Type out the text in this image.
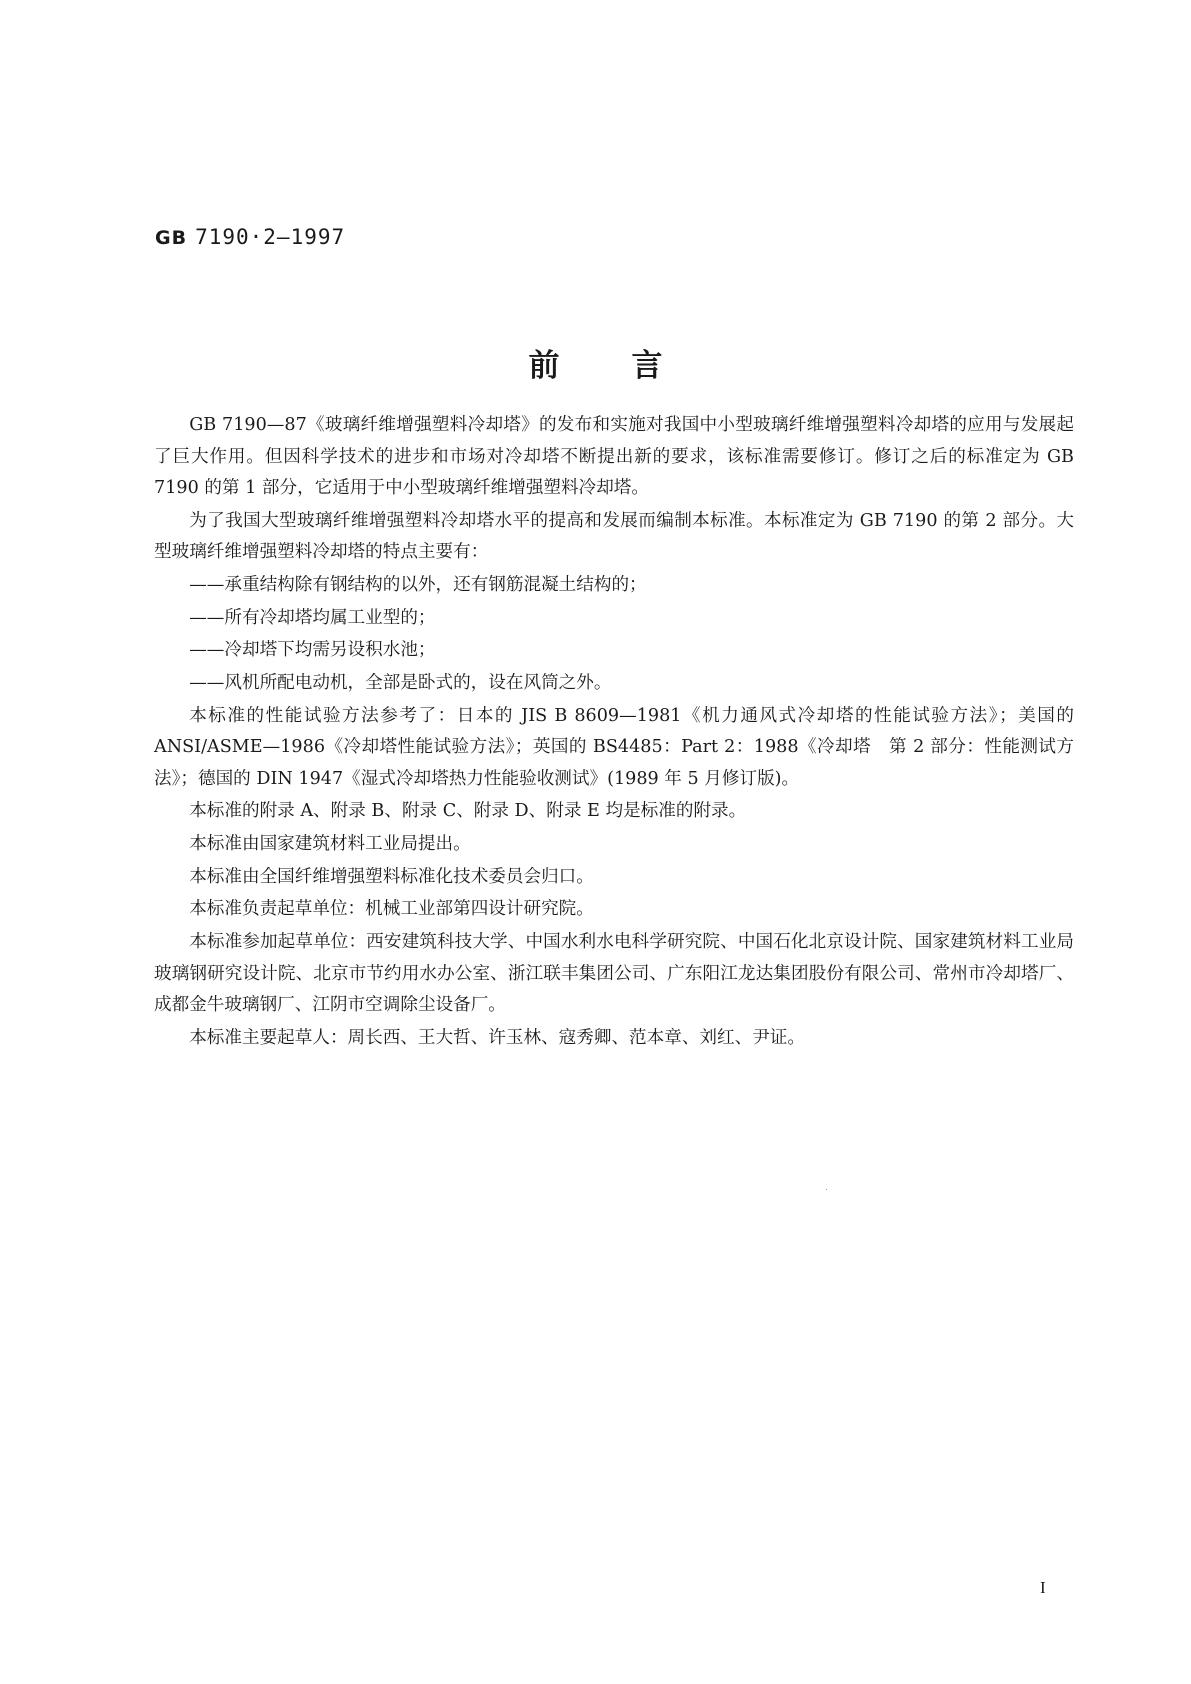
GB 7190·2—1997
前言

GB 7190—87《玻璃纤维增强塑料冷却塔》的发布和实施对我国中小型玻璃纤维增强塑料冷却塔的应用与发展起了巨大作用。但因科学技术的进步和市场对冷却塔不断提出新的要求，该标准需要修订。修订之后的标准定为 GB 7190 的第 1 部分，它适用于中小型玻璃纤维增强塑料冷却塔。

为了我国大型玻璃纤维增强塑料冷却塔水平的提高和发展而编制本标准。本标准定为 GB 7190 的第 2 部分。大型玻璃纤维增强塑料冷却塔的特点主要有：

——承重结构除有钢结构的以外，还有钢筋混凝土结构的；

——所有冷却塔均属工业型的；

——冷却塔下均需另设积水池；

——风机所配电动机，全部是卧式的，设在风筒之外。

本标准的性能试验方法参考了：日本的 JIS B 8609—1981《机力通风式冷却塔的性能试验方法》；美国的 ANSI/ASME—1986《冷却塔性能试验方法》；英国的 BS4485：Part 2：1988《冷却塔　第 2 部分：性能测试方法》；德国的 DIN 1947《湿式冷却塔热力性能验收测试》(1989 年 5 月修订版)。

本标准的附录 A、附录 B、附录 C、附录 D、附录 E 均是标准的附录。

本标准由国家建筑材料工业局提出。

本标准由全国纤维增强塑料标准化技术委员会归口。

本标准负责起草单位：机械工业部第四设计研究院。

本标准参加起草单位：西安建筑科技大学、中国水利水电科学研究院、中国石化北京设计院、国家建筑材料工业局玻璃钢研究设计院、北京市节约用水办公室、浙江联丰集团公司、广东阳江龙达集团股份有限公司、常州市冷却塔厂、成都金牛玻璃钢厂、江阴市空调除尘设备厂。

本标准主要起草人：周长西、王大哲、许玉林、寇秀卿、范本章、刘红、尹证。

I
